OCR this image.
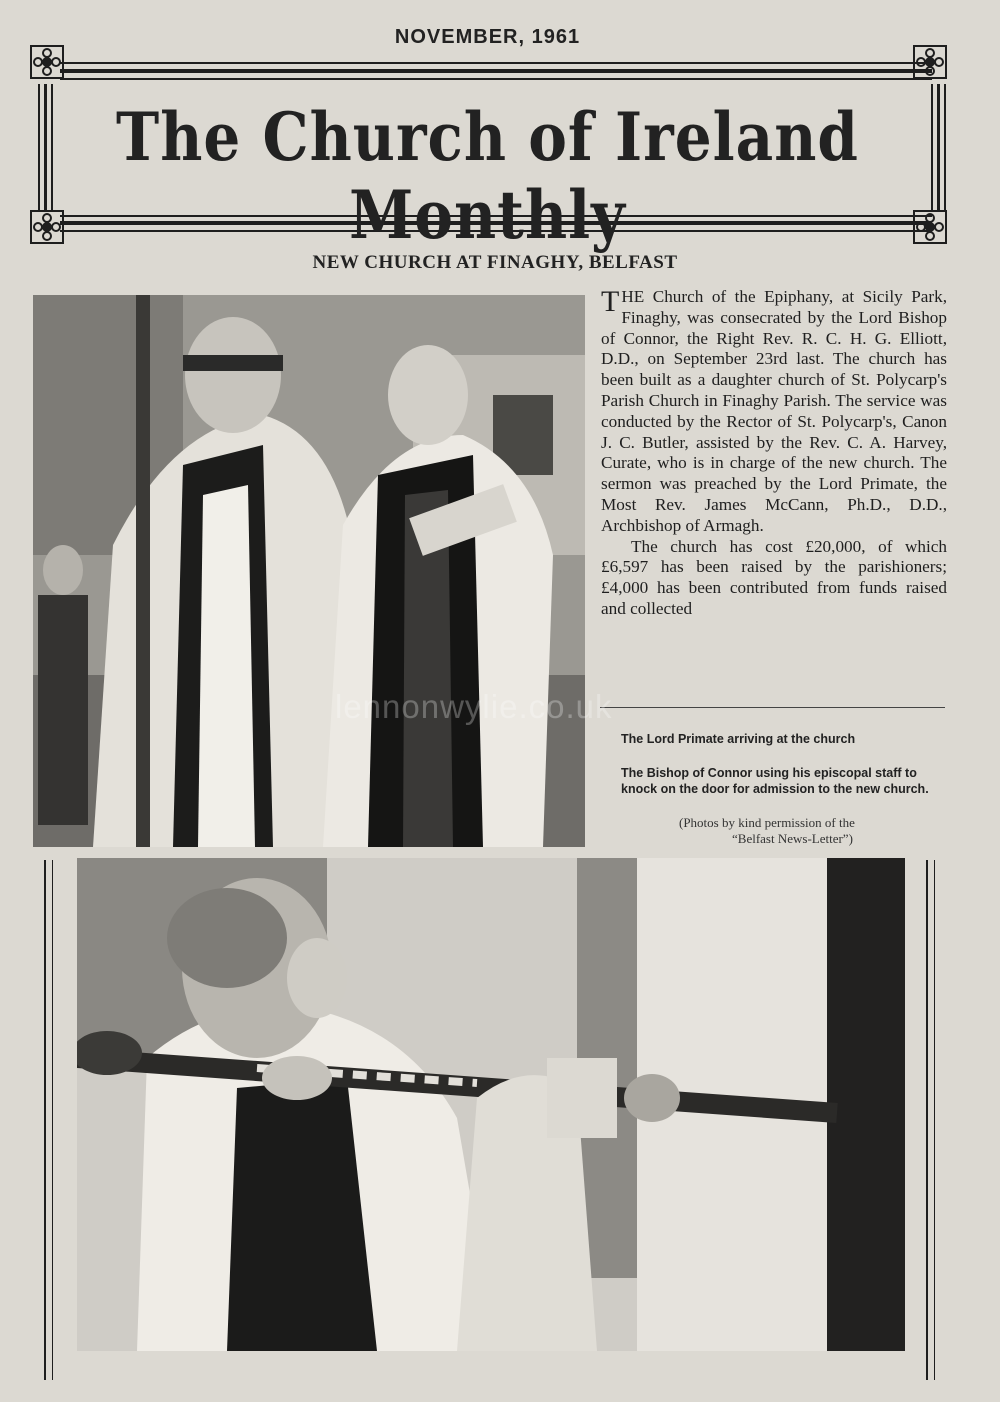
NOVEMBER, 1961
The Church of Ireland Monthly
NEW CHURCH AT FINAGHY, BELFAST

THE Church of the Epiphany, at Sicily Park, Finaghy, was consecrated by the Lord Bishop of Connor, the Right Rev. R. C. H. G. Elliott, D.D., on September 23rd last. The church has been built as a daughter church of St. Polycarp's Parish Church in Finaghy Parish. The service was conducted by the Rector of St. Polycarp's, Canon J. C. Butler, assisted by the Rev. C. A. Harvey, Curate, who is in charge of the new church. The sermon was preached by the Lord Primate, the Most Rev. James McCann, Ph.D., D.D., Archbishop of Armagh.

The church has cost £20,000, of which £6,597 has been raised by the parishioners; £4,000 has been contributed from funds raised and collected

The Lord Primate arriving at the church
The Bishop of Connor using his episcopal staff to knock on the door for admission to the new church.
(Photos by kind permission of the
“Belfast News-Letter”)
lennonwylie.co.uk
